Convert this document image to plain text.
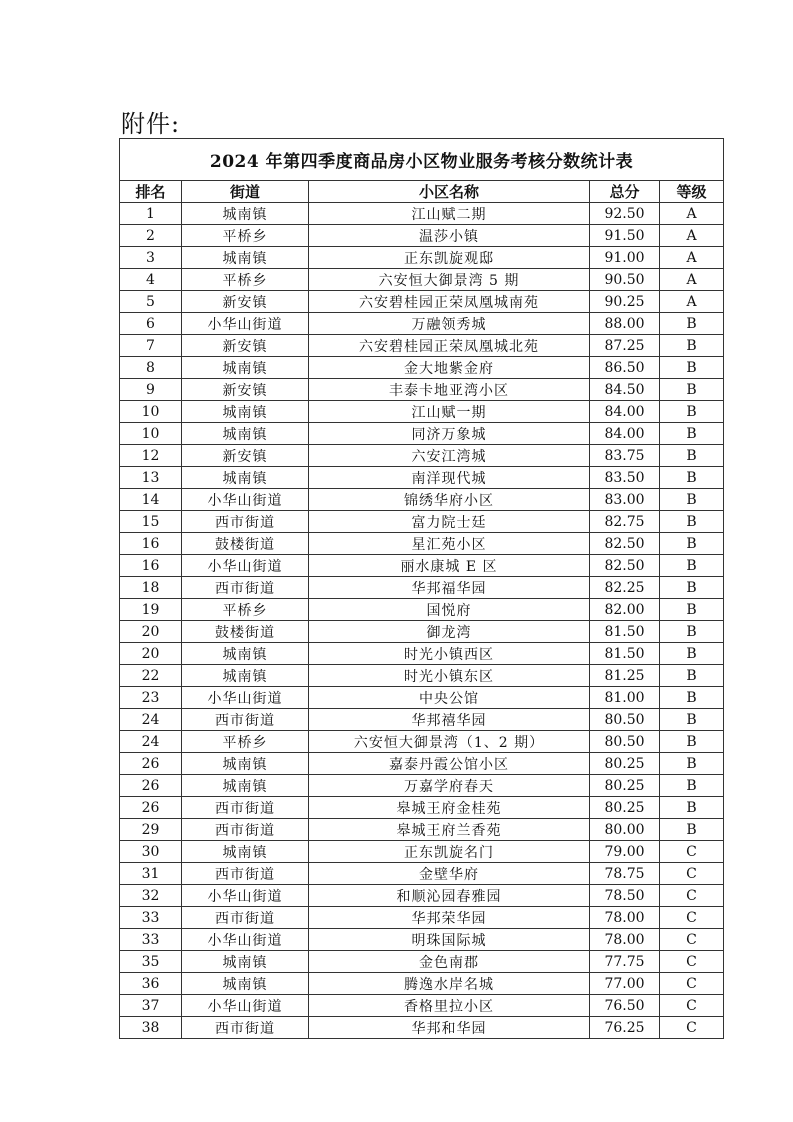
附件:
2024 年第四季度商品房小区物业服务考核分数统计表				
排名	街道	小区名称	总分	等级
1	城南镇	江山赋二期	92.50	A
2	平桥乡	温莎小镇	91.50	A
3	城南镇	正东凯旋观邸	91.00	A
4	平桥乡	六安恒大御景湾 5 期	90.50	A
5	新安镇	六安碧桂园正荣凤凰城南苑	90.25	A
6	小华山街道	万融领秀城	88.00	B
7	新安镇	六安碧桂园正荣凤凰城北苑	87.25	B
8	城南镇	金大地紫金府	86.50	B
9	新安镇	丰泰卡地亚湾小区	84.50	B
10	城南镇	江山赋一期	84.00	B
10	城南镇	同济万象城	84.00	B
12	新安镇	六安江湾城	83.75	B
13	城南镇	南洋现代城	83.50	B
14	小华山街道	锦绣华府小区	83.00	B
15	西市街道	富力院士廷	82.75	B
16	鼓楼街道	星汇苑小区	82.50	B
16	小华山街道	丽水康城 E 区	82.50	B
18	西市街道	华邦福华园	82.25	B
19	平桥乡	国悦府	82.00	B
20	鼓楼街道	御龙湾	81.50	B
20	城南镇	时光小镇西区	81.50	B
22	城南镇	时光小镇东区	81.25	B
23	小华山街道	中央公馆	81.00	B
24	西市街道	华邦禧华园	80.50	B
24	平桥乡	六安恒大御景湾（1、2 期）	80.50	B
26	城南镇	嘉泰丹霞公馆小区	80.25	B
26	城南镇	万嘉学府春天	80.25	B
26	西市街道	皋城王府金桂苑	80.25	B
29	西市街道	皋城王府兰香苑	80.00	B
30	城南镇	正东凯旋名门	79.00	C
31	西市街道	金壁华府	78.75	C
32	小华山街道	和顺沁园春雅园	78.50	C
33	西市街道	华邦荣华园	78.00	C
33	小华山街道	明珠国际城	78.00	C
35	城南镇	金色南郡	77.75	C
36	城南镇	腾逸水岸名城	77.00	C
37	小华山街道	香格里拉小区	76.50	C
38	西市街道	华邦和华园	76.25	C
